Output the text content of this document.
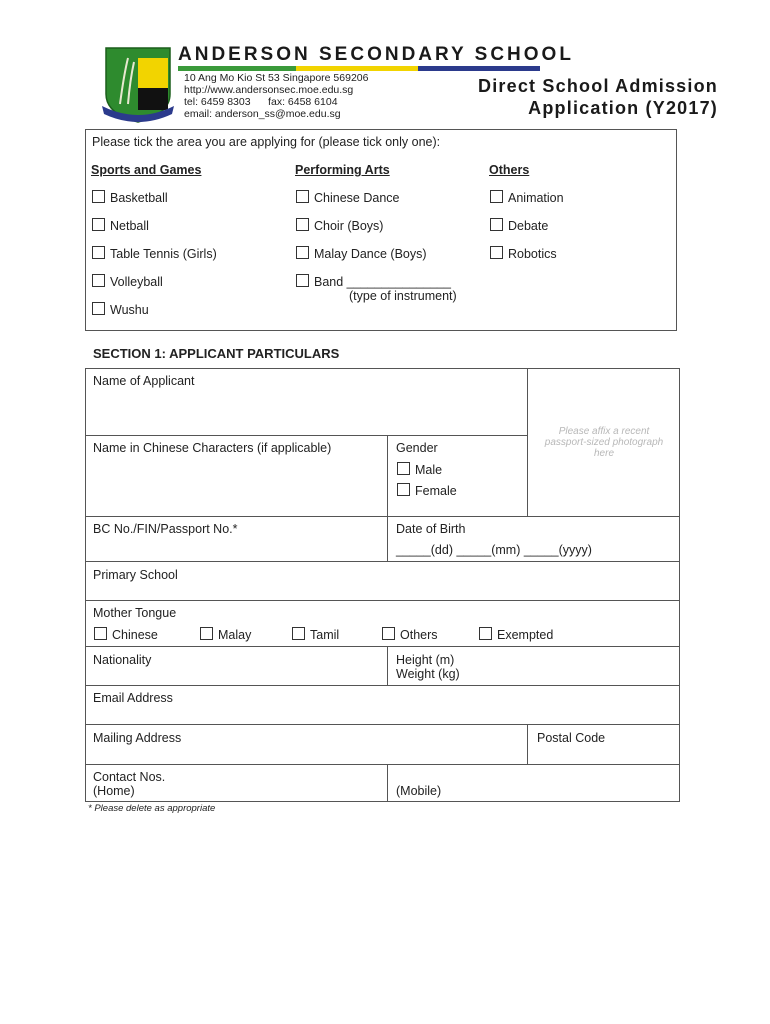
ANDERSON SECONDARY SCHOOL
10 Ang Mo Kio St 53 Singapore 569206
http://www.andersonsec.moe.edu.sg
tel: 6459 8303      fax: 6458 6104
email: anderson_ss@moe.edu.sg
Direct School Admission
Application (Y2017)
Please tick the area you are applying for (please tick only one):
Sports and Games	Performing Arts	Others
Basketball
Netball
Table Tennis (Girls)
Volleyball
Wushu
Chinese Dance
Choir (Boys)
Malay Dance (Boys)
Band _______________
(type of instrument)
Animation
Debate
Robotics
SECTION 1: APPLICANT PARTICULARS
Name of Applicant
Please affix a recent passport-sized photograph here
Name in Chinese Characters (if applicable)	Gender
Male
Female
BC No./FIN/Passport No.*	Date of Birth
_____(dd) _____(mm) _____(yyyy)
Primary School
Mother Tongue
Chinese	Malay	Tamil	Others	Exempted
Nationality	Height (m)
Weight (kg)
Email Address
Mailing Address	Postal Code
Contact Nos.
(Home)	(Mobile)
* Please delete as appropriate
